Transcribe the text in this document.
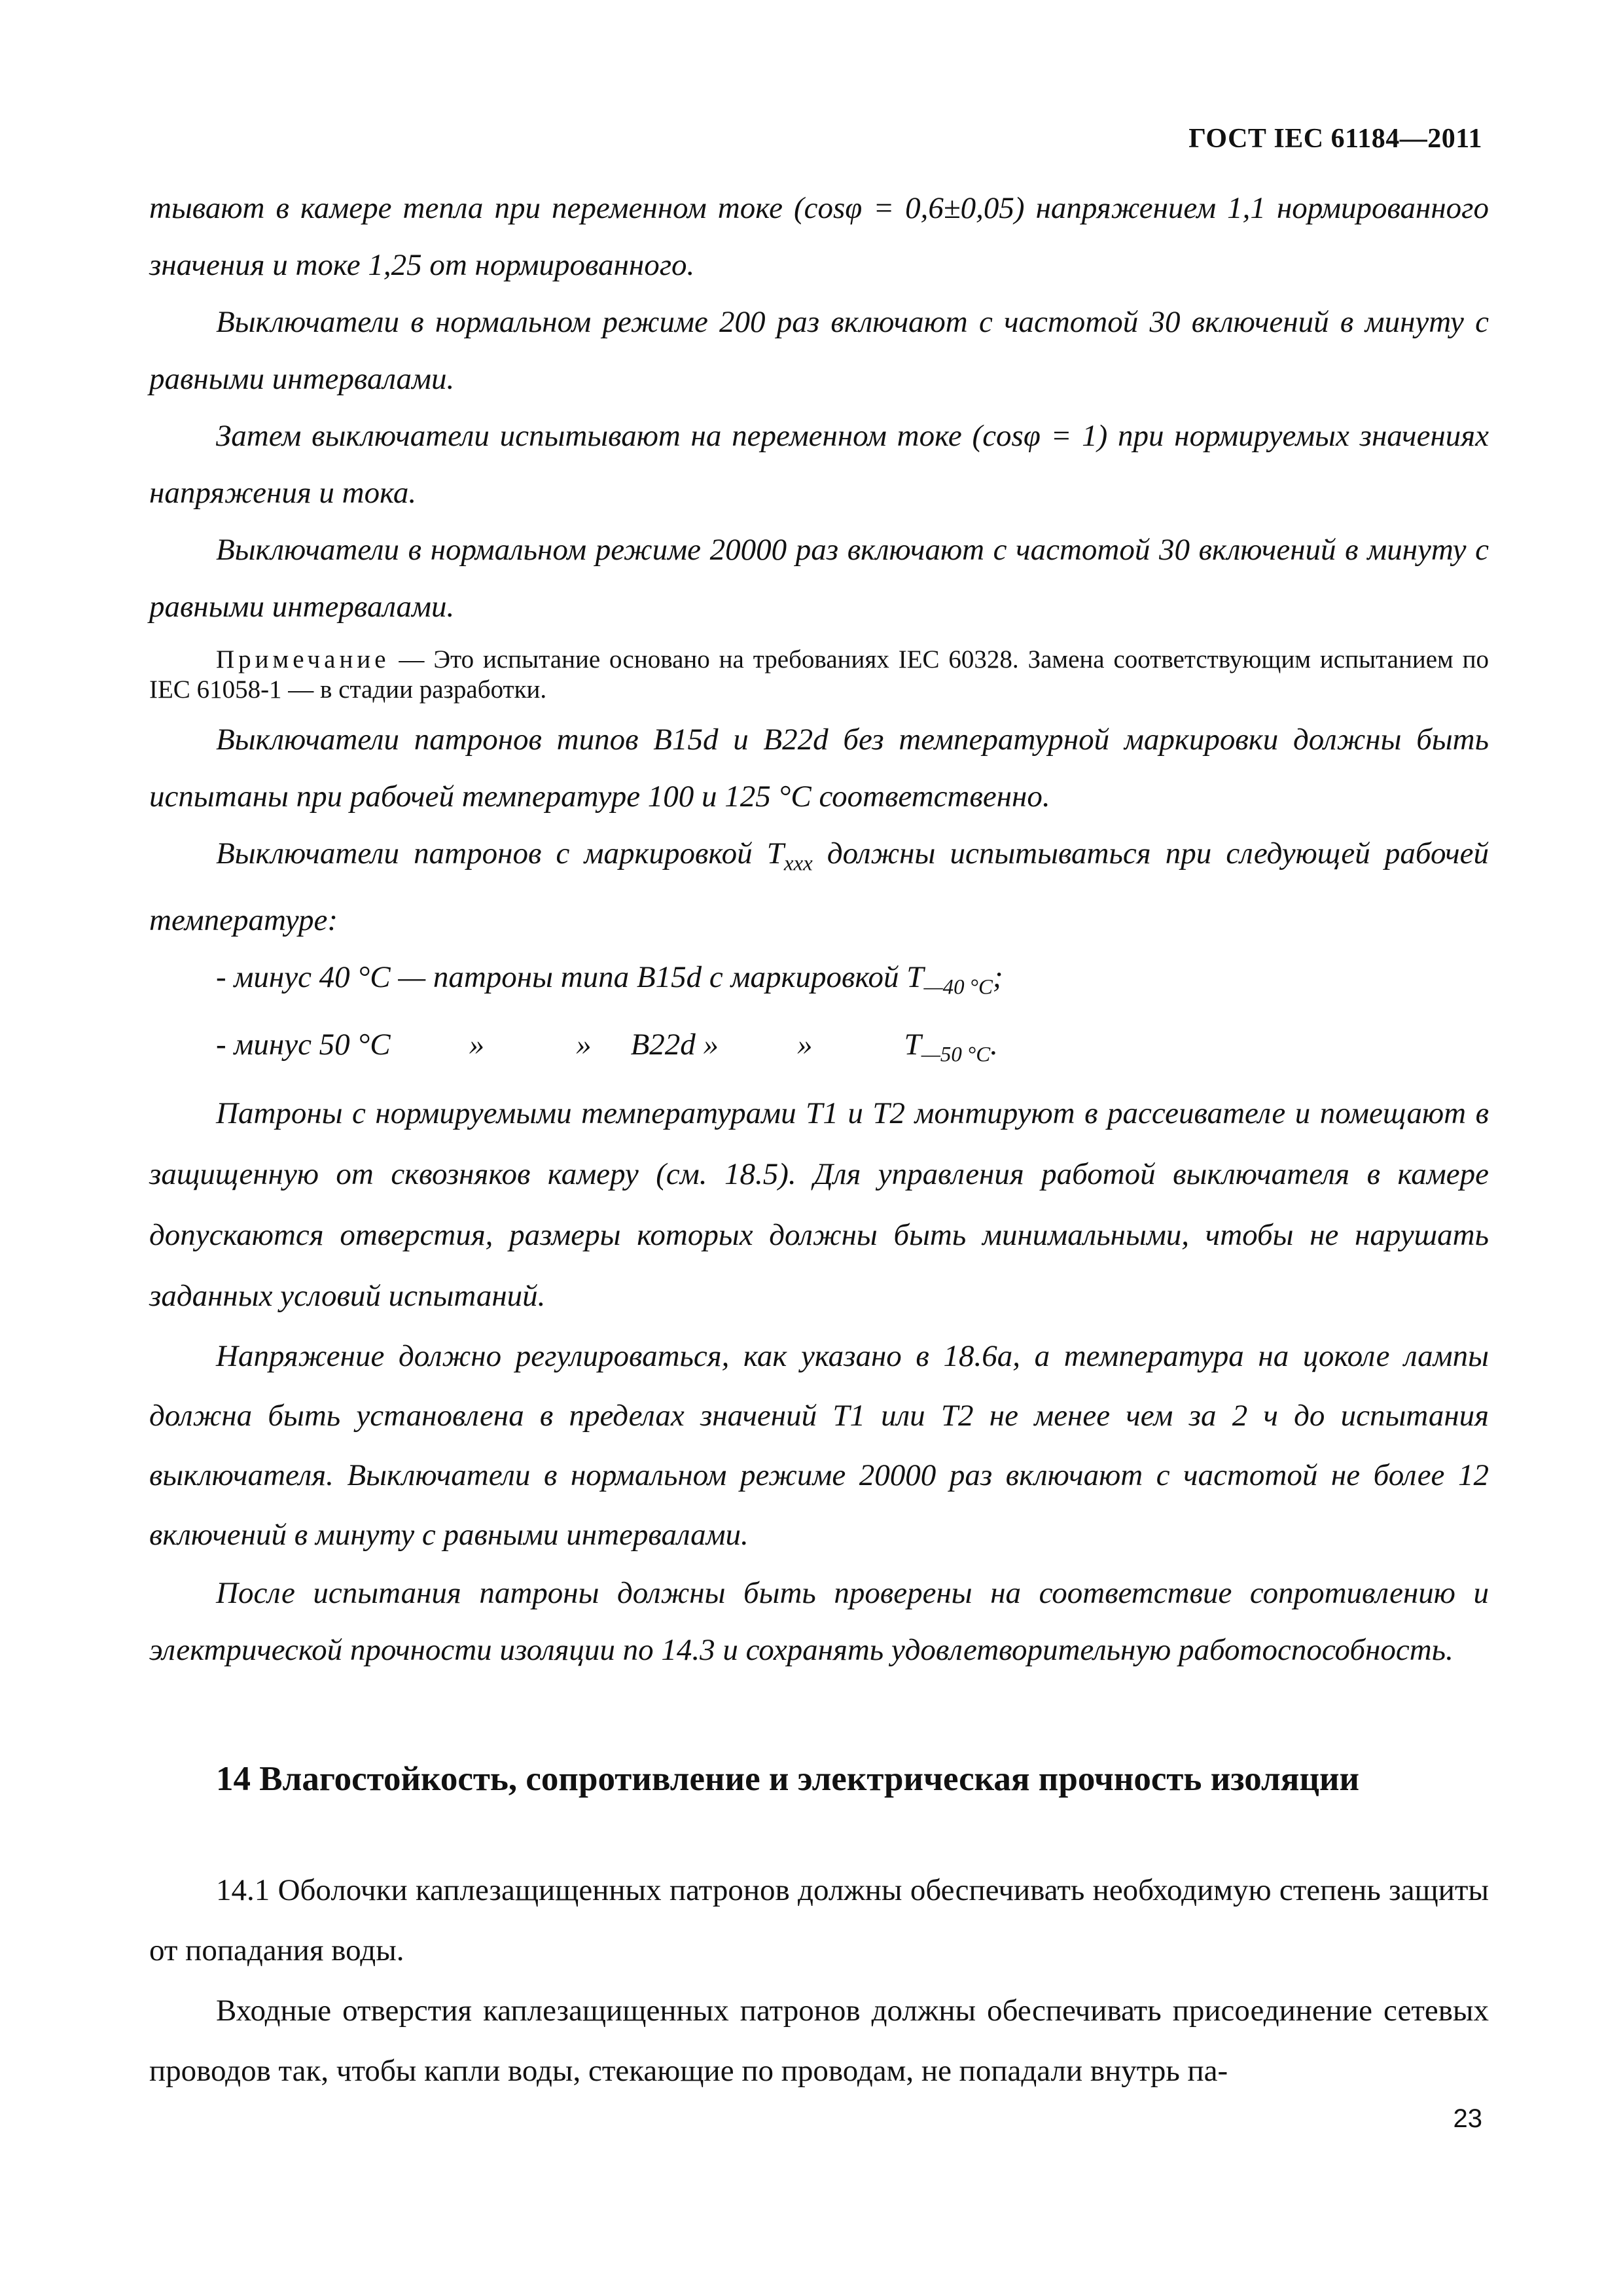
ГОСТ IEC 61184—2011

тывают в камере тепла при переменном токе (cosφ = 0,6±0,05) напряжением 1,1 нормированного значения и токе 1,25 от нормированного.

Выключатели в нормальном режиме 200 раз включают с частотой 30 включений в минуту с равными интервалами.

Затем выключатели испытывают на переменном токе (cosφ = 1) при нормируемых значениях напряжения и тока.

Выключатели в нормальном режиме 20000 раз включают с частотой 30 включений в минуту с равными интервалами.

Примечание — Это испытание основано на требованиях IEC 60328. Замена соответствующим испытанием по IEC 61058-1 — в стадии разработки.

Выключатели патронов типов B15d и B22d без температурной маркировки должны быть испытаны при рабочей температуре 100 и 125 °C соответственно.

Выключатели патронов с маркировкой $T_{xxx}$ должны испытываться при следующей рабочей температуре:

- минус 40 °C — патроны типа B15d с маркировкой $T_{—40 ^\circ C}$;

- минус 50 °C	»	» B22d »	»	$T_{—50 ^\circ C}$.

Патроны с нормируемыми температурами T1 и T2 монтируют в рассеивателе и помещают в защищенную от сквозняков камеру (см. 18.5). Для управления работой выключателя в камере допускаются отверстия, размеры которых должны быть минимальными, чтобы не нарушать заданных условий испытаний.

Напряжение должно регулироваться, как указано в 18.6а, а температура на цоколе лампы должна быть установлена в пределах значений T1 или T2 не менее чем за 2 ч до испытания выключателя. Выключатели в нормальном режиме 20000 раз включают с частотой не более 12 включений в минуту с равными интервалами.

После испытания патроны должны быть проверены на соответствие сопротивлению и электрической прочности изоляции по 14.3 и сохранять удовлетворительную работоспособность.

14 Влагостойкость, сопротивление и электрическая прочность изоляции

14.1 Оболочки каплезащищенных патронов должны обеспечивать необходимую степень защиты от попадания воды.

Входные отверстия каплезащищенных патронов должны обеспечивать присоединение сетевых проводов так, чтобы капли воды, стекающие по проводам, не попадали внутрь па-

23
